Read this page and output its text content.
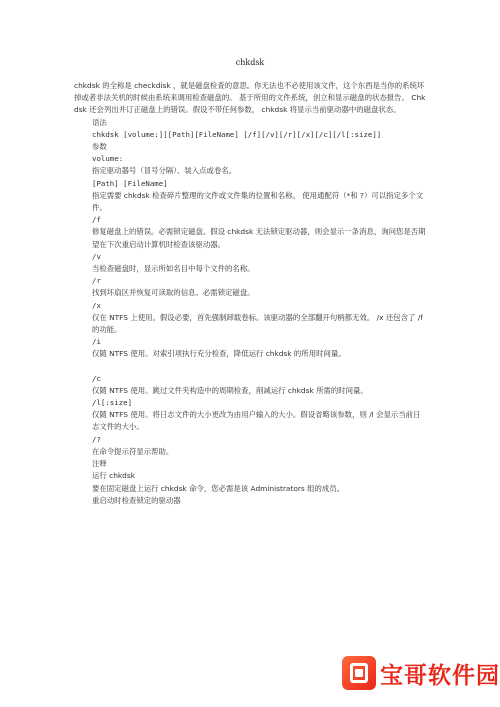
chkdsk

chkdsk 的全称是 checkdisk ，就是磁盘检查的意思。你无法也不必使用该文件，这个东西是当你的系统坏掉或者非法关机的时候由系统来调用检查磁盘的。 基于所用的文件系统，创立和显示磁盘的状态报告。 Chkdsk 还会列出并订正磁盘上的错误。假设不带任何参数， chkdsk 将显示当前驱动器中的磁盘状态。

语法

chkdsk [volume:][[Path][FileName] [/f][/v][/r][/x][/c][/l[:size]]

参数

volume:

指定驱动器号（冒号分隔）、装入点或卷名。

[Path] [FileName]

指定需要 chkdsk 检查碎片整理的文件或文件集的位置和名称。 使用通配符（*和 ?）可以指定多个文件。

/f

修复磁盘上的错误。必需锁定磁盘。假设 chkdsk 无法锁定驱动器，则会显示一条消息，询问您是否期望在下次重启动计算机时检查该驱动器。

/v

当检查磁盘时，显示所如名目中每个文件的名称。

/r

找到坏扇区并恢复可读取的信息。必需锁定磁盘。

/x

仅在 NTFS 上使用。假设必要，首先强制卸载卷标。该驱动器的全部翻开句柄都无效。 /x 还包含了 /f 的功能。

/i

仅随 NTFS 使用。对索引项执行充分检查，降低运行 chkdsk 的所用时间量。

/c

仅随 NTFS 使用。跳过文件夹构造中的周期检查，削减运行 chkdsk 所需的时间量。

/l[:size]

仅随 NTFS 使用。将日志文件的大小更改为由用户输入的大小。假设省略该参数，则 /l 会显示当前日志文件的大小。

/?

在命令提示符显示帮助。

注释

运行 chkdsk

要在固定磁盘上运行 chkdsk 命令，您必需是该 Administrators 组的成员。

重启动时检查锁定的驱动器

宝哥软件园
